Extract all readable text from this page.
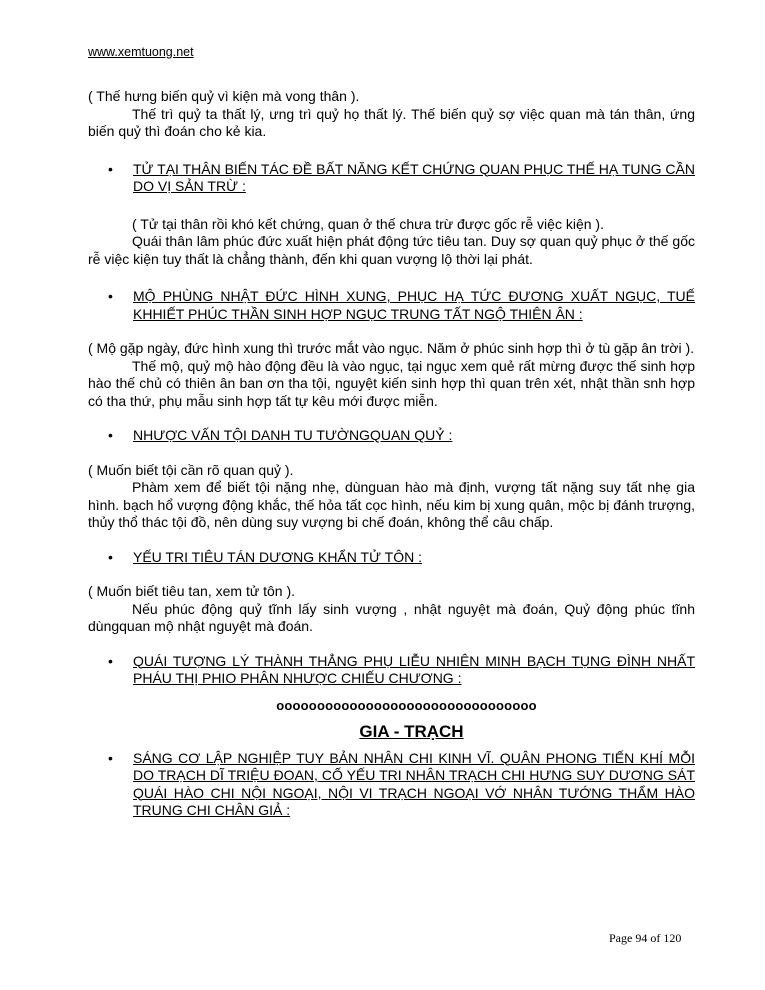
www.xemtuong.net

( Thế hưng biến quỷ vì kiện mà vong thân ).

Thế trì quỷ ta thất lý, ưng trì quỷ họ thất lý. Thế biến quỷ sợ việc quan mà tán thân, ứng biến quỷ thì đoán cho kẻ kia.

• TỬ TẠI THÂN BIẾN TÁC ĐỀ BẤT NĂNG KẾT CHỨNG QUAN PHỤC THẾ HẠ TUNG CẦN DO VỊ SẢN TRỪ :

( Tử tại thân rồi khó kết chứng, quan ở thế chưa trừ được gốc rễ việc kiện ).

Quái thân lâm phúc đức xuất hiện phát động tức tiêu tan. Duy sợ quan quỷ phục ở thế gốc rễ việc kiện tuy thất là chẳng thành, đến khi quan vượng lộ thời lại phát.

• MỘ PHÙNG NHẬT ĐỨC HÌNH XUNG, PHỤC HẠ TỨC ĐƯƠNG XUẤT NGỤC, TUẾ KHHIẾT PHÚC THẦN SINH HỢP NGỤC TRUNG TẤT NGỘ THIÊN ÂN :

( Mộ gặp ngày, đức hình xung thì trước mắt vào ngục. Năm ở phúc sinh hợp thì ở tù gặp ân trời ).

Thế mộ, quỷ mộ hào động đều là vào ngục, tại ngục xem quẻ rất mừng được thế sinh hợp hào thế chủ có thiên ân ban ơn tha tội, nguyệt kiến sinh hợp thì quan trên xét, nhật thần snh hợp có tha thứ, phụ mẫu sinh hợp tất tự kêu mới được miễn.

• NHƯỢC VẤN TỘI DANH TU TƯỜNGQUAN QUỶ :

( Muốn biết tội cần rõ quan quỷ ).

Phàm xem để biết tội nặng nhẹ, dùnguan hào mà định, vượng tất nặng suy tất nhẹ gia hình. bạch hổ vượng động khắc, thế hỏa tất cọc hình, nếu kim bị xung quân, mộc bị đánh trượng, thủy thổ thác tội đồ, nên dùng suy vượng bi chế đoán, không thể câu chấp.

• YẾU TRI TIÊU TÁN DƯƠNG KHẨN TỬ TÔN :

( Muốn biết tiêu tan, xem tử tôn ).

Nếu phúc động quỷ tĩnh lấy sinh vượng , nhật nguyệt mà đoán, Quỷ động phúc tĩnh dùngquan mộ nhật nguyệt mà đoán.

• QUÁI TƯỢNG LÝ THÀNH THẲNG PHỤ LIỄU NHIÊN MINH BẠCH TỤNG ĐÌNH NHẤT PHÁU THỊ PHIO PHÂN NHƯỢC CHIẾU CHƯƠNG :

oooooooooooooooooooooooooooooooo

GIA - TRẠCH

• SÁNG CƠ LẬP NGHIỆP TUY BẢN NHÂN CHI KINH VĨ. QUÂN PHONG TIẾN KHÍ MỖI DO TRẠCH DĨ TRIỆU ĐOAN, CỐ YẾU TRI NHÂN TRẠCH CHI HƯNG SUY DƯƠNG SÁT QUÁI HÀO CHI NỘI NGOẠI, NỘI VI TRẠCH NGOẠI VỚ NHÂN TƯỚNG THẨM HÀO TRUNG CHI CHÂN GIẢ :

Page 94 of 120
